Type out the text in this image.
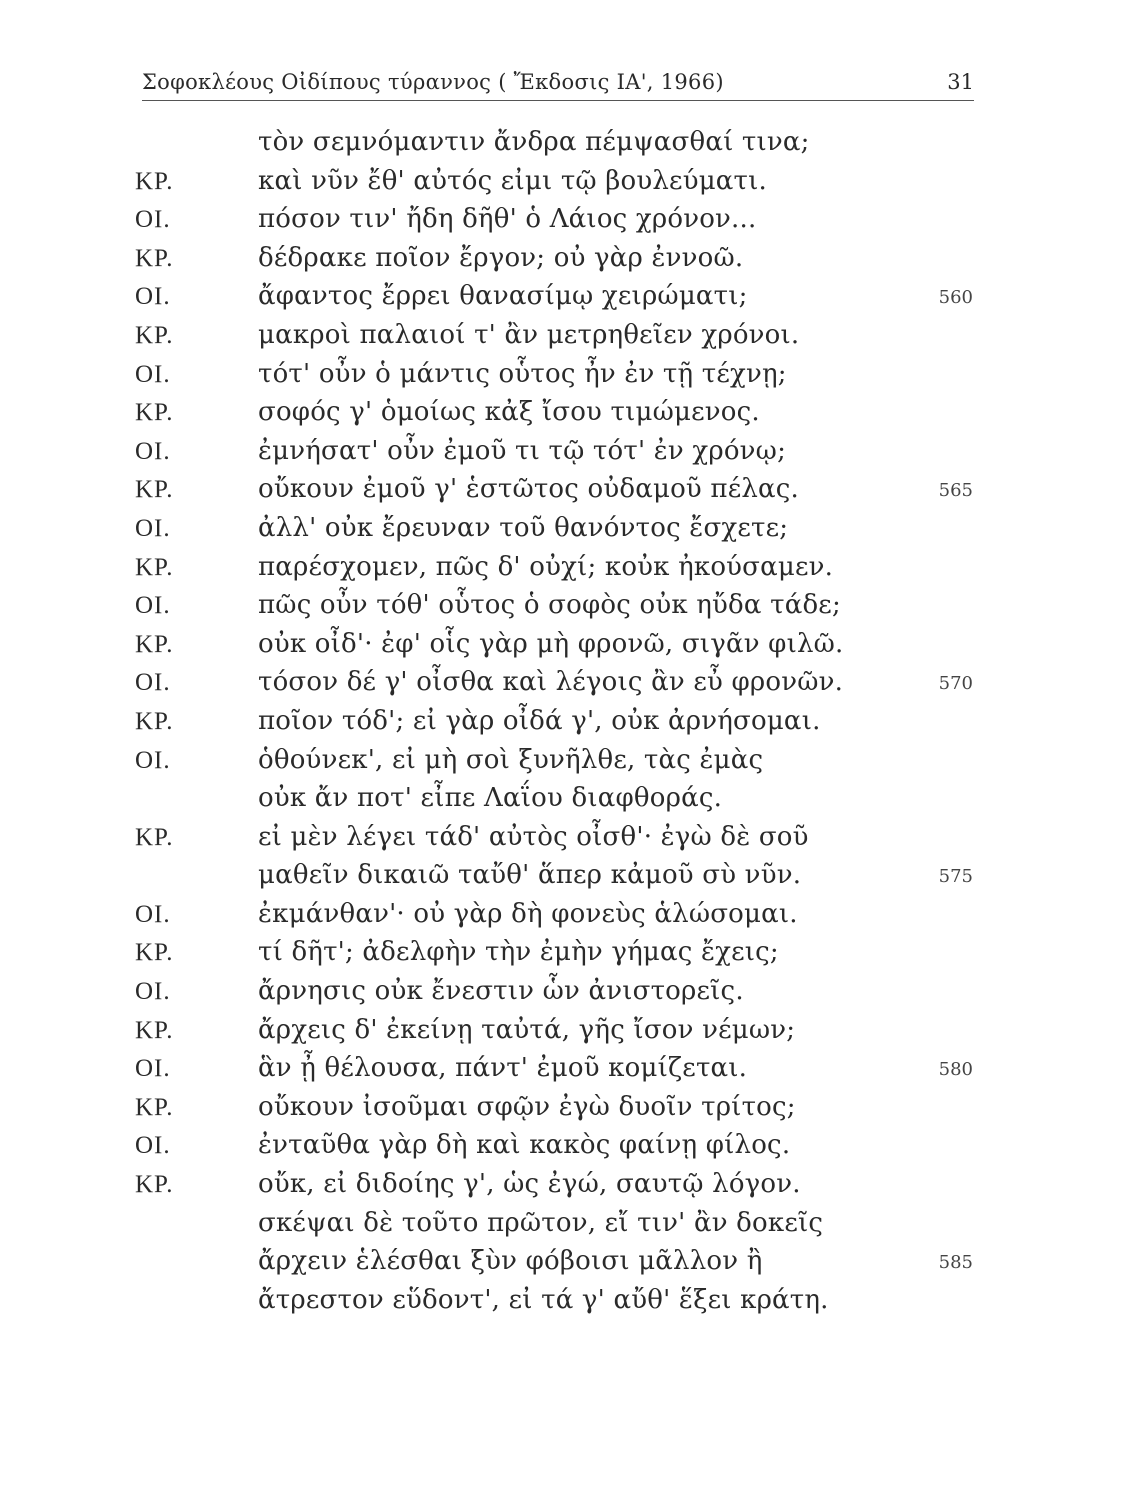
Σοφοκλέους Οἰδίπους τύραννος ( Ἔκδοσις ΙΑ', 1966)	31
τὸν σεμνόμαντιν ἄνδρα πέμψασθαί τινα;
ΚΡ.	καὶ νῦν ἔθ' αὐτός εἰμι τῷ βουλεύματι.
ΟΙ.	πόσον τιν' ἤδη δῆθ' ὁ Λάιος χρόνον...
ΚΡ.	δέδρακε ποῖον ἔργον; οὐ γὰρ ἐννοῶ.
ΟΙ.	ἄφαντος ἔρρει θανασίμῳ χειρώματι;	560
ΚΡ.	μακροὶ παλαιοί τ' ἂν μετρηθεῖεν χρόνοι.
ΟΙ.	τότ' οὖν ὁ μάντις οὗτος ἦν ἐν τῇ τέχνῃ;
ΚΡ.	σοφός γ' ὁμοίως κἀξ ἴσου τιμώμενος.
ΟΙ.	ἐμνήσατ' οὖν ἐμοῦ τι τῷ τότ' ἐν χρόνῳ;
ΚΡ.	οὔκουν ἐμοῦ γ' ἑστῶτος οὐδαμοῦ πέλας.	565
ΟΙ.	ἀλλ' οὐκ ἔρευναν τοῦ θανόντος ἔσχετε;
ΚΡ.	παρέσχομεν, πῶς δ' οὐχί; κοὐκ ἠκούσαμεν.
ΟΙ.	πῶς οὖν τόθ' οὗτος ὁ σοφὸς οὐκ ηὔδα τάδε;
ΚΡ.	οὐκ οἶδ'· ἐφ' οἷς γὰρ μὴ φρονῶ, σιγᾶν φιλῶ.
ΟΙ.	τόσον δέ γ' οἶσθα καὶ λέγοις ἂν εὖ φρονῶν.	570
ΚΡ.	ποῖον τόδ'; εἰ γὰρ οἶδά γ', οὐκ ἀρνήσομαι.
ΟΙ.	ὁθούνεκ', εἰ μὴ σοὶ ξυνῆλθε, τὰς ἐμὰς
οὐκ ἄν ποτ' εἶπε Λαΐου διαφθοράς.
ΚΡ.	εἰ μὲν λέγει τάδ' αὐτὸς οἶσθ'· ἐγὼ δὲ σοῦ
μαθεῖν δικαιῶ ταὔθ' ἅπερ κἀμοῦ σὺ νῦν.	575
ΟΙ.	ἐκμάνθαν'· οὐ γὰρ δὴ φονεὺς ἁλώσομαι.
ΚΡ.	τί δῆτ'; ἀδελφὴν τὴν ἐμὴν γήμας ἔχεις;
ΟΙ.	ἄρνησις οὐκ ἔνεστιν ὧν ἀνιστορεῖς.
ΚΡ.	ἄρχεις δ' ἐκείνῃ ταὐτά, γῆς ἴσον νέμων;
ΟΙ.	ἃν ᾖ θέλουσα, πάντ' ἐμοῦ κομίζεται.	580
ΚΡ.	οὔκουν ἰσοῦμαι σφῷν ἐγὼ δυοῖν τρίτος;
ΟΙ.	ἐνταῦθα γὰρ δὴ καὶ κακὸς φαίνῃ φίλος.
ΚΡ.	οὔκ, εἰ διδοίης γ', ὡς ἐγώ, σαυτῷ λόγον.
σκέψαι δὲ τοῦτο πρῶτον, εἴ τιν' ἂν δοκεῖς
ἄρχειν ἑλέσθαι ξὺν φόβοισι μᾶλλον ἢ	585
ἄτρεστον εὕδοντ', εἰ τά γ' αὔθ' ἕξει κράτη.
